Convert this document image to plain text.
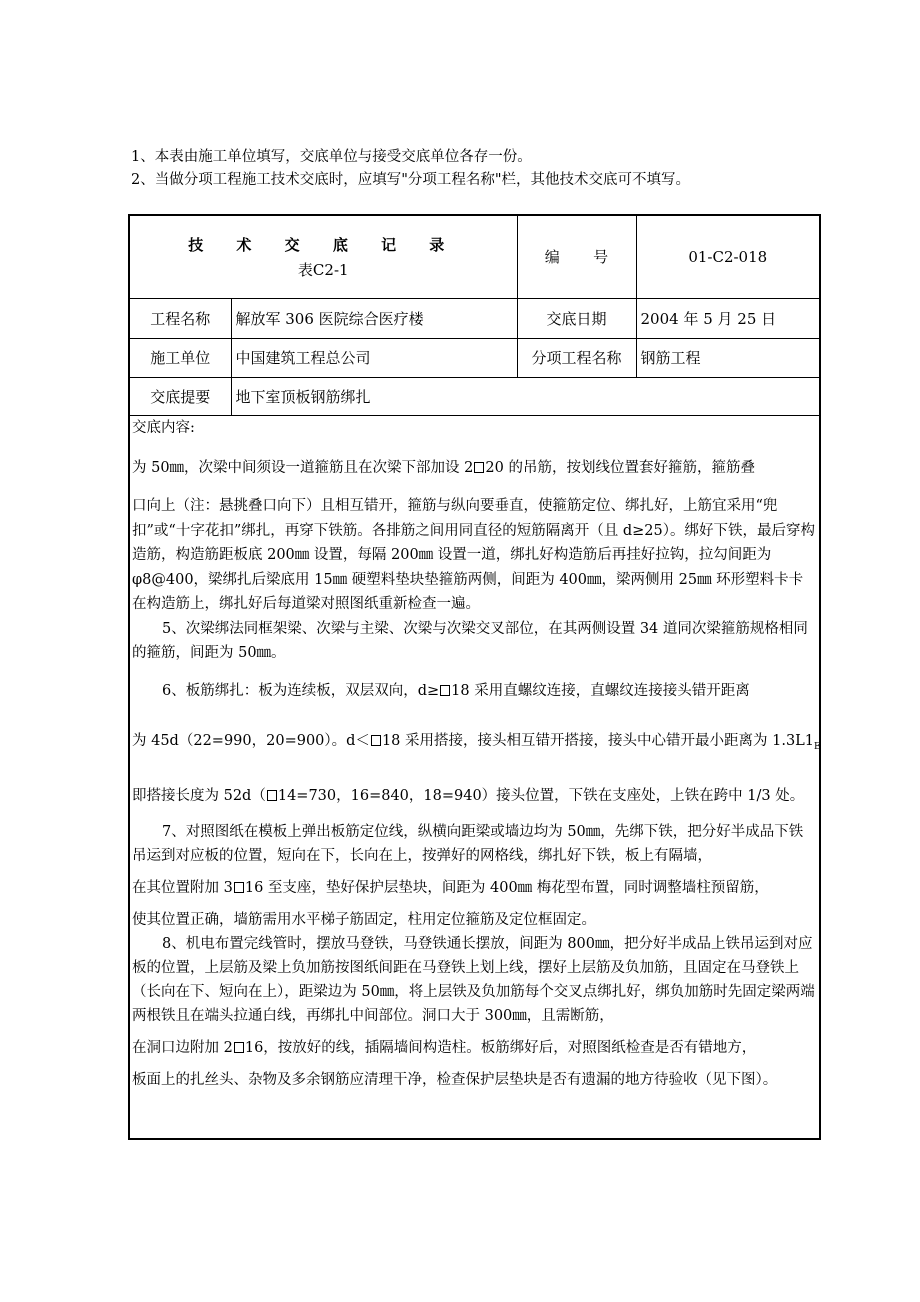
1、本表由施工单位填写，交底单位与接受交底单位各存一份。

2、当做分项工程施工技术交底时，应填写"分项工程名称"栏，其他技术交底可不填写。

技 术 交 底 记 录
表C2-1		编       号	01-C2-018
工程名称	解放军 306 医院综合医疗楼	交底日期	2004 年 5 月 25 日
施工单位	中国建筑工程总公司	分项工程名称	钢筋工程
交底提要	地下室顶板钢筋绑扎		

交底内容:

为 50㎜，次梁中间须设一道箍筋且在次梁下部加设 2 20 的吊筋，按划线位置套好箍筋，箍筋叠

口向上（注：悬挑叠口向下）且相互错开，箍筋与纵向要垂直，使箍筋定位、绑扎好，上筋宜采用“兜扣”或“十字花扣”绑扎，再穿下铁筋。各排筋之间用同直径的短筋隔离开（且 d≥25）。绑好下铁，最后穿构造筋，构造筋距板底 200㎜ 设置，每隔 200㎜ 设置一道，绑扎好构造筋后再挂好拉钩，拉勾间距为 φ8@400，梁绑扎后梁底用 15㎜ 硬塑料垫块垫箍筋两侧，间距为 400㎜，梁两侧用 25㎜ 环形塑料卡卡在构造筋上，绑扎好后每道梁对照图纸重新检查一遍。

5、次梁绑法同框架梁、次梁与主梁、次梁与次梁交叉部位，在其两侧设置 34 道同次梁箍筋规格相同的箍筋，间距为 50㎜。

6、板筋绑扎：板为连续板，双层双向，d≥ 18 采用直螺纹连接，直螺纹连接接头错开距离

为 45d（22=990，20=900）。d＜ 18 采用搭接，接头相互错开搭接，接头中心错开最小距离为 $1.3L1_E$

即搭接长度为 52d（ 14=730，16=840，18=940）接头位置，下铁在支座处，上铁在跨中 1/3 处。

7、对照图纸在模板上弹出板筋定位线，纵横向距梁或墙边均为 50㎜，先绑下铁，把分好半成品下铁吊运到对应板的位置，短向在下，长向在上，按弹好的网格线，绑扎好下铁，板上有隔墙，

在其位置附加 3 16 至支座，垫好保护层垫块，间距为 400㎜ 梅花型布置，同时调整墙柱预留筋，

使其位置正确，墙筋需用水平梯子筋固定，柱用定位箍筋及定位框固定。

8、机电布置完线管时，摆放马登铁，马登铁通长摆放，间距为 800㎜，把分好半成品上铁吊运到对应板的位置，上层筋及梁上负加筋按图纸间距在马登铁上划上线，摆好上层筋及负加筋，且固定在马登铁上（长向在下、短向在上），距梁边为 50㎜，将上层铁及负加筋每个交叉点绑扎好，绑负加筋时先固定梁两端两根铁且在端头拉通白线，再绑扎中间部位。洞口大于 300㎜，且需断筋，

在洞口边附加 2 16，按放好的线，插隔墙间构造柱。板筋绑好后，对照图纸检查是否有错地方，

板面上的扎丝头、杂物及多余钢筋应清理干净，检查保护层垫块是否有遗漏的地方待验收（见下图）。
